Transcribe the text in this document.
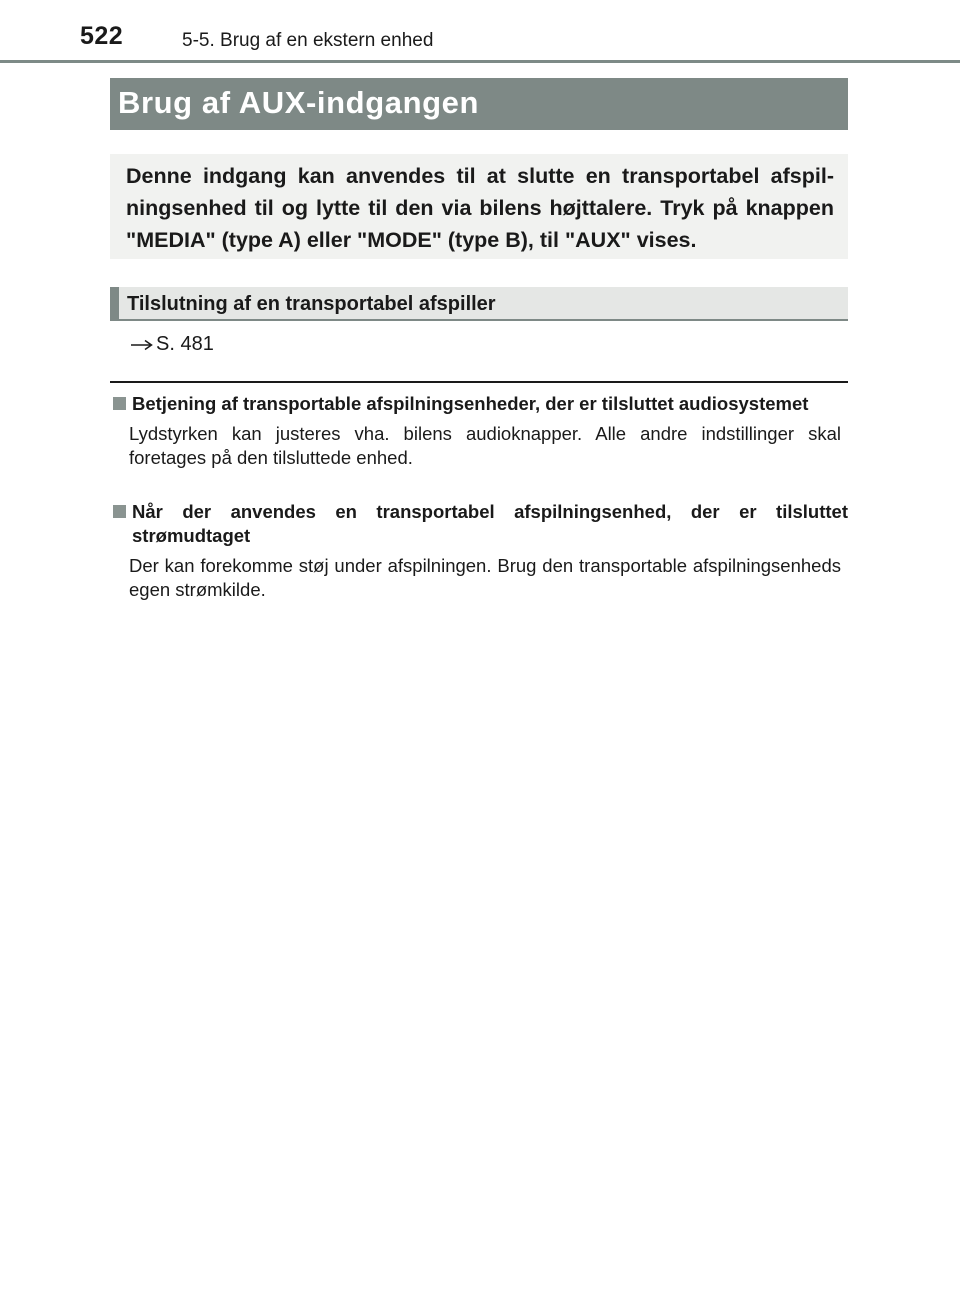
522	5-5. Brug af en ekstern enhed
Brug af AUX-indgangen
Denne indgang kan anvendes til at slutte en transportabel afspilningsenhed til og lytte til den via bilens højttalere. Tryk på knappen "MEDIA" (type A) eller "MODE" (type B), til "AUX" vises.
Tilslutning af en transportabel afspiller
S. 481
Betjening af transportable afspilningsenheder, der er tilsluttet audiosystemet
Lydstyrken kan justeres vha. bilens audioknapper. Alle andre indstillinger skal foretages på den tilsluttede enhed.
Når der anvendes en transportabel afspilningsenhed, der er tilsluttet strømudtaget
Der kan forekomme støj under afspilningen. Brug den transportable afspilningsenheds egen strømkilde.
